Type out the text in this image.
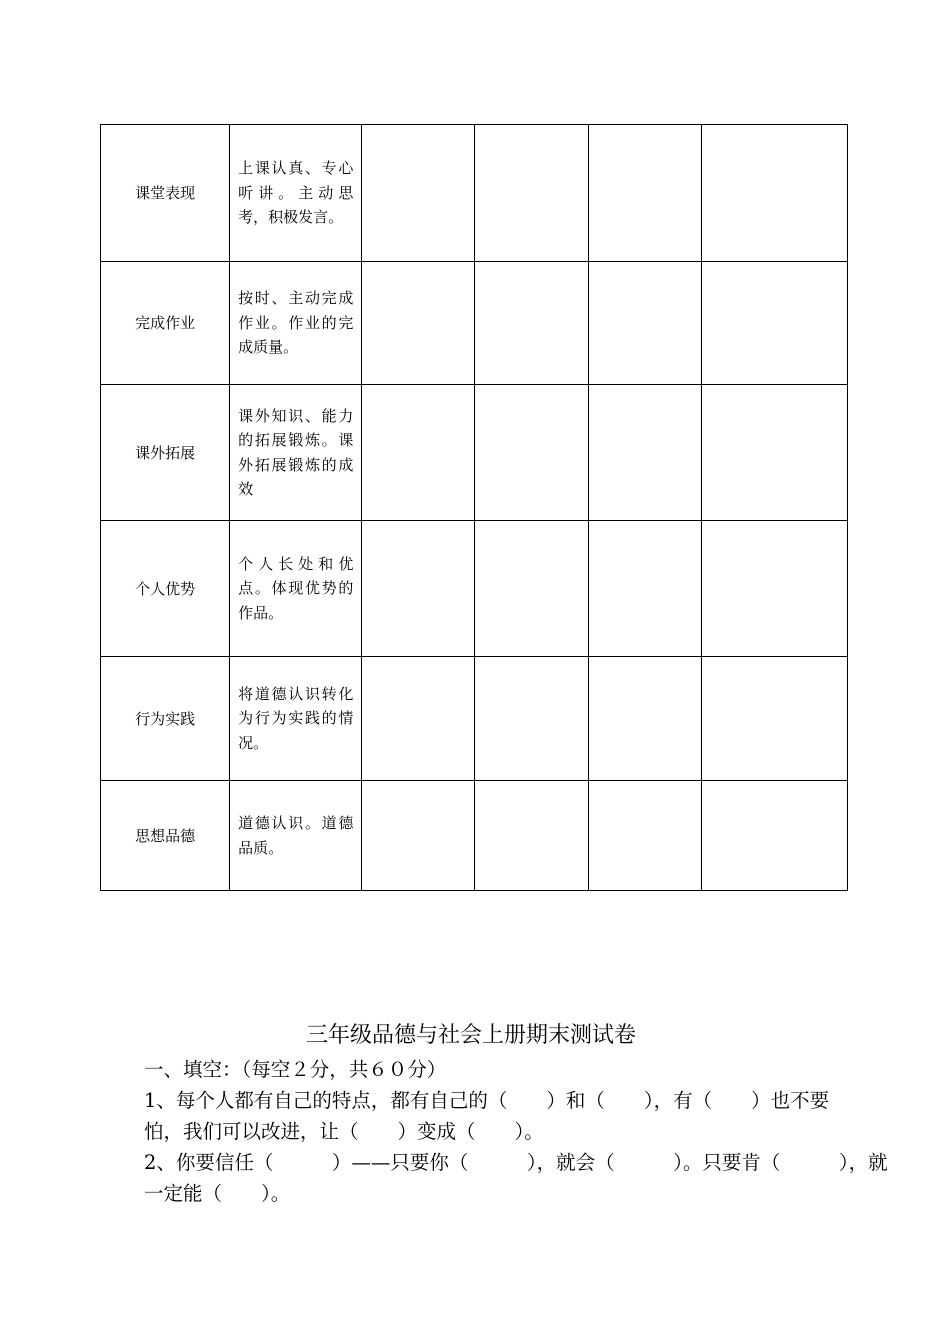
课堂表现	上课认真、专心听讲。主动思考，积极发言。				

完成作业	按时、主动完成作业。作业的完成质量。				

课外拓展	课外知识、能力的拓展锻炼。课外拓展锻炼的成效				

个人优势	个人长处和优点。体现优势的作品。				

行为实践	将道德认识转化为行为实践的情况。				

思想品德	道德认识。道德品质。				

三年级品德与社会上册期末测试卷

一、填空：（每空２分，共６０分）

1、每个人都有自己的特点，都有自己的（　　）和（　　），有（　　）也不要

怕，我们可以改进，让（　　）变成（　　）。

2、你要信任（　　　）——只要你（　　　），就会（　　　）。只要肯（　　　），就

一定能（　　）。
